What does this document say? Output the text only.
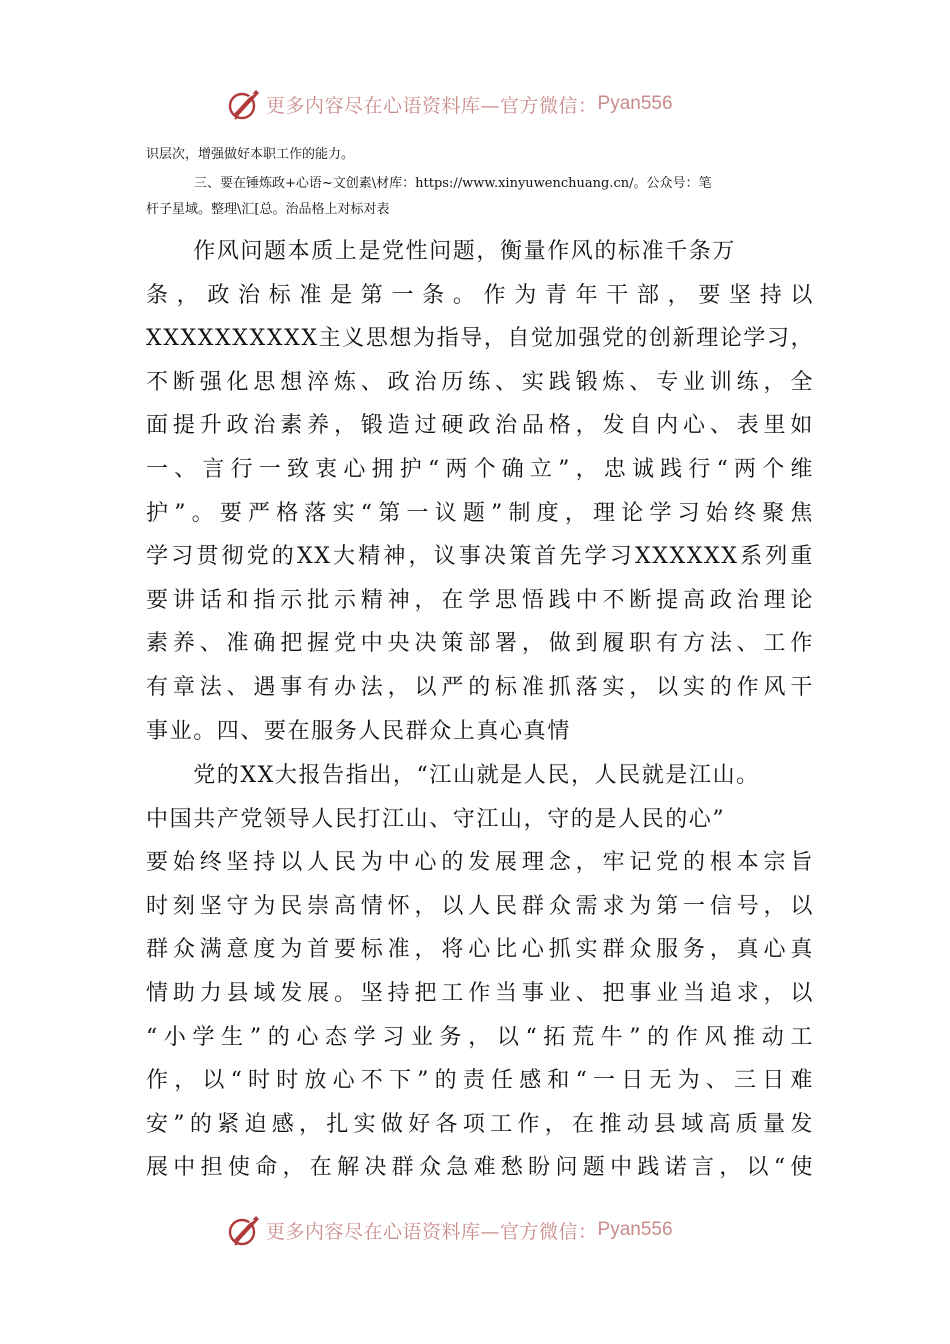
更多内容尽在心语资料库—官方微信： Pyan556
识层次，增强做好本职工作的能力。
三、要在锤炼政+心语~文创素\材库：https://www.xinyuwenchuang.cn/。公众号：笔
杆子星域。整理\汇[总。治品格上对标对表
　　作风问题本质上是党性问题，衡量作风的标准千条万
条，政治标准是第一条。作为青年干部，要坚持以
XXXXXXXXXX主义思想为指导，自觉加强党的创新理论学习，
不断强化思想淬炼、政治历练、实践锻炼、专业训练，全
面提升政治素养，锻造过硬政治品格，发自内心、表里如
一、言行一致衷心拥护“两个确立”，忠诚践行“两个维
护”。要严格落实“第一议题”制度，理论学习始终聚焦
学习贯彻党的XX大精神，议事决策首先学习XXXXXX系列重
要讲话和指示批示精神，在学思悟践中不断提高政治理论
素养、准确把握党中央决策部署，做到履职有方法、工作
有章法、遇事有办法，以严的标准抓落实，以实的作风干
事业。四、要在服务人民群众上真心真情
　　党的XX大报告指出，“江山就是人民，人民就是江山。
中国共产党领导人民打江山、守江山，守的是人民的心”
要始终坚持以人民为中心的发展理念，牢记党的根本宗旨
时刻坚守为民崇高情怀，以人民群众需求为第一信号，以
群众满意度为首要标准，将心比心抓实群众服务，真心真
情助力县域发展。坚持把工作当事业、把事业当追求，以
“小学生”的心态学习业务，以“拓荒牛”的作风推动工
作，以“时时放心不下”的责任感和“一日无为、三日难
安”的紧迫感，扎实做好各项工作，在推动县域高质量发
展中担使命，在解决群众急难愁盼问题中践诺言，以“使
更多内容尽在心语资料库—官方微信： Pyan556
